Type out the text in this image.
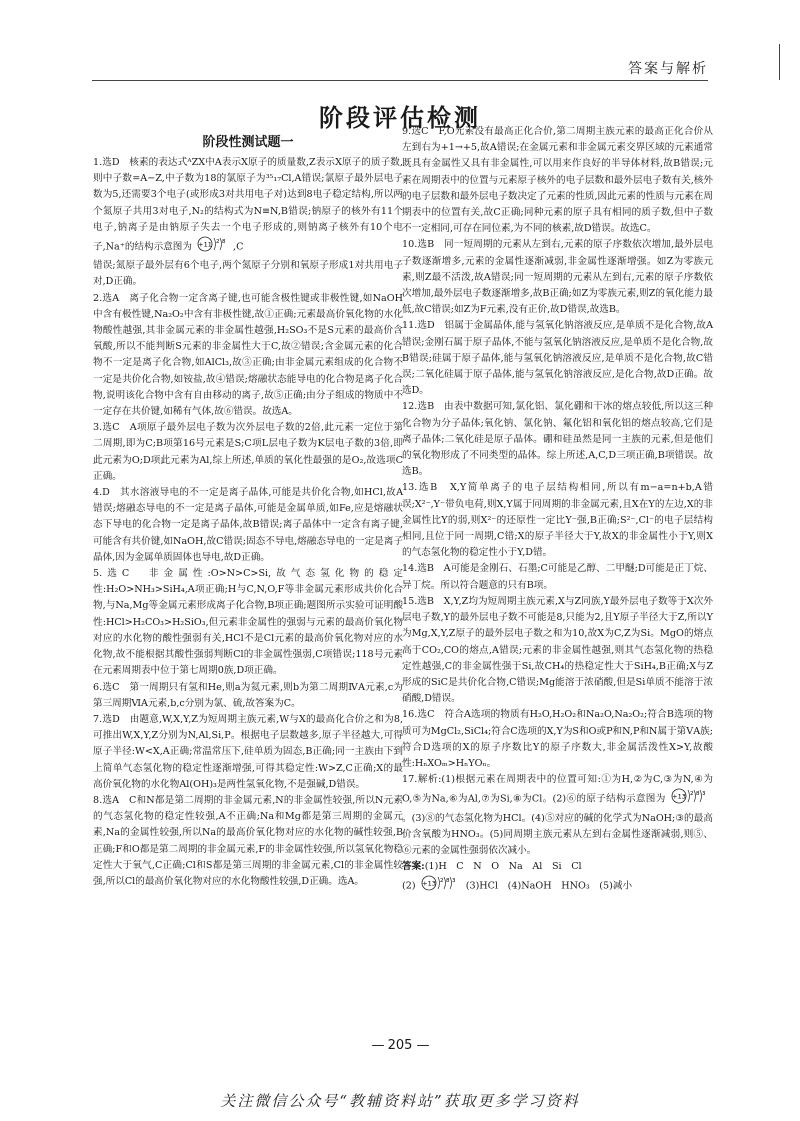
答案与解析
阶段评估检测
阶段性测试题一

1.选D　核素的表达式ᴬZX中A表示X原子的质量数,Z表示X原子的质子数,则中子数=A−Z,中子数为18的氯原子为³⁵₁₇Cl,A错误;氯原子最外层电子数为5,还需要3个电子(或形成3对共用电子对)达到8电子稳定结构,所以两个氮原子共用3对电子,N₂的结构式为N≡N,B错误;钠原子的核外有11个电子,钠离子是由钠原子失去一个电子形成的,则钠离子核外有10个电子,Na⁺的结构示意图为 +11 2 8 ,C

错误;氮原子最外层有6个电子,两个氮原子分别和氧原子形成1对共用电子对,D正确。

2.选A　离子化合物一定含离子键,也可能含极性键或非极性键,如NaOH中含有极性键,Na₂O₂中含有非极性键,故①正确;元素最高价氧化物的水化物酸性越强,其非金属元素的非金属性越强,H₂SO₃不是S元素的最高价含氧酸,所以不能判断S元素的非金属性大于C,故②错误;含金属元素的化合物不一定是离子化合物,如AlCl₃,故③正确;由非金属元素组成的化合物不一定是共价化合物,如铵盐,故④错误;熔融状态能导电的化合物是离子化合物,说明该化合物中含有自由移动的离子,故⑤正确;由分子组成的物质中不一定存在共价键,如稀有气体,故⑥错误。故选A。

3.选C　A项原子最外层电子数为次外层电子数的2倍,此元素一定位于第二周期,即为C;B项第16号元素是S;C项L层电子数为K层电子数的3倍,即此元素为O;D项此元素为Al,综上所述,单质的氧化性最强的是O₂,故选项C正确。

4.D　其水溶液导电的不一定是离子晶体,可能是共价化合物,如HCl,故A错误;熔融态导电的不一定是离子晶体,可能是金属单质,如Fe,应是熔融状态下导电的化合物一定是离子晶体,故B错误;离子晶体中一定含有离子键,可能含有共价键,如NaOH,故C错误;固态不导电,熔融态导电的一定是离子晶体,因为金属单质固体也导电,故D正确。

5.选C　非金属性:O>N>C>Si,故气态氢化物的稳定性:H₂O>NH₃>SiH₄,A项正确;H与C,N,O,F等非金属元素形成共价化合物,与Na,Mg等金属元素形成离子化合物,B项正确;题图所示实验可证明酸性:HCl>H₂CO₃>H₂SiO₃,但元素非金属性的强弱与元素的最高价氧化物对应的水化物的酸性强弱有关,HCl不是Cl元素的最高价氧化物对应的水化物,故不能根据其酸性强弱判断Cl的非金属性强弱,C项错误;118号元素在元素周期表中位于第七周期0族,D项正确。

6.选C　第一周期只有氢和He,则a为氦元素,则b为第二周期ⅣA元素,c为第三周期ⅥA元素,b,c分别为氯、硫,故答案为C。

7.选D　由题意,W,X,Y,Z为短周期主族元素,W与X的最高化合价之和为8,可推出W,X,Y,Z分别为N,Al,Si,P。根据电子层数越多,原子半径越大,可得原子半径:W<X,A正确;常温常压下,硅单质为固态,B正确;同一主族由下到上简单气态氢化物的稳定性逐渐增强,可得其稳定性:W>Z,C正确;X的最高价氧化物的水化物Al(OH)₃是两性氢氧化物,不是强碱,D错误。

8.选A　C和N都是第二周期的非金属元素,N的非金属性较强,所以N元素的气态氢化物的稳定性较强,A不正确;Na和Mg都是第三周期的金属元素,Na的金属性较强,所以Na的最高价氧化物对应的水化物的碱性较强,B正确;F和O都是第二周期的非金属元素,F的非金属性较强,所以氢氧化物稳定性大于氧气,C正确;Cl和S都是第三周期的非金属元素,Cl的非金属性较强,所以Cl的最高价氧化物对应的水化物酸性较强,D正确。选A。

9.选C　F,O元素没有最高正化合价,第二周期主族元素的最高正化合价从左到右为+1→+5,故A错误;在金属元素和非金属元素交界区域的元素通常既具有金属性又具有非金属性,可以用来作良好的半导体材料,故B错误;元素在周期表中的位置与元素原子核外的电子层数和最外层电子数有关,核外的电子层数和最外层电子数决定了元素的性质,因此元素的性质与元素在周期表中的位置有关,故C正确;同种元素的原子具有相同的质子数,但中子数不一定相同,可存在同位素,为不同的核素,故D错误。故选C。

10.选B　同一短周期的元素从左到右,元素的原子序数依次增加,最外层电子数逐渐增多,元素的金属性逐渐减弱,非金属性逐渐增强。如Z为零族元素,则Z最不活泼,故A错误;同一短周期的元素从左到右,元素的原子序数依次增加,最外层电子数逐渐增多,故B正确;如Z为零族元素,则Z的氧化能力最低,故C错误;如Z为F元素,没有正价,故D错误,故选B。

11.选D　铝属于金属晶体,能与氢氧化钠溶液反应,是单质不是化合物,故A错误;金刚石属于原子晶体,不能与氢氧化钠溶液反应,是单质不是化合物,故B错误;硅属于原子晶体,能与氢氧化钠溶液反应,是单质不是化合物,故C错误;二氧化硅属于原子晶体,能与氢氧化钠溶液反应,是化合物,故D正确。故选D。

12.选B　由表中数据可知,氯化铝、氯化硼和干冰的熔点较低,所以这三种化合物为分子晶体;氧化钠、氯化钠、氟化铝和氧化铝的熔点较高,它们是离子晶体;二氧化硅是原子晶体。硼和硅虽然是同一主族的元素,但是他们的氧化物形成了不同类型的晶体。综上所述,A,C,D三项正确,B项错误。故选B。

13.选B　X,Y简单离子的电子层结构相同,所以有m−a=n+b,A错误;X²⁻,Y⁻带负电荷,则X,Y属于同周期的非金属元素,且X在Y的左边,X的非金属性比Y的弱,则X²⁻的还原性一定比Y⁻强,B正确;S²⁻,Cl⁻的电子层结构相同,且位于同一周期,C错;X的原子半径大于Y,故X的非金属性小于Y,则X的气态氢化物的稳定性小于Y,D错。

14.选B　A可能是金刚石、石墨;C可能是乙醇、二甲醚;D可能是正丁烷、异丁烷。所以符合题意的只有B项。

15.选B　X,Y,Z均为短周期主族元素,X与Z同族,Y最外层电子数等于X次外层电子数,Y的最外层电子数不可能是8,只能为2,且Y原子半径大于Z,所以Y为Mg,X,Y,Z原子的最外层电子数之和为10,故X为C,Z为Si。MgO的熔点高于CO₂,CO的熔点,A错误;元素的非金属性越强,则其气态氢化物的热稳定性越强,C的非金属性强于Si,故CH₄的热稳定性大于SiH₄,B正确;X与Z形成的SiC是共价化合物,C错误;Mg能溶于浓硝酸,但是Si单质不能溶于浓硝酸,D错误。

16.选C　符合A选项的物质有H₂O,H₂O₂和Na₂O,Na₂O₂;符合B选项的物质可为MgCl₂,SiCl₄;符合C选项的X,Y为S和O或P和N,P和N属于第ⅤA族;符合D选项的X的原子序数比Y的原子序数大,非金属活泼性X>Y,故酸性:HₙXOₘ>HₙYOₙ。

17.解析:(1)根据元素在周期表中的位置可知:①为H,②为C,③为N,④为O,⑤为Na,⑥为Al,⑦为Si,⑧为Cl。(2)⑥的原子结构示意图为 +13 2 8 3
。(3)⑧的气态氢化物为HCl。(4)⑤对应的碱的化学式为NaOH;③的最高价含氧酸为HNO₃。(5)同周期主族元素从左到右金属性逐渐减弱,则⑤、⑥元素的金属性强弱依次减小。

答案:(1)H　C　N　O　Na　Al　Si　Cl

(2) +13 2 8 3 (3)HCl　(4)NaOH　HNO₃　(5)减小

— 205 —
关注微信公众号“教辅资料站”获取更多学习资料
